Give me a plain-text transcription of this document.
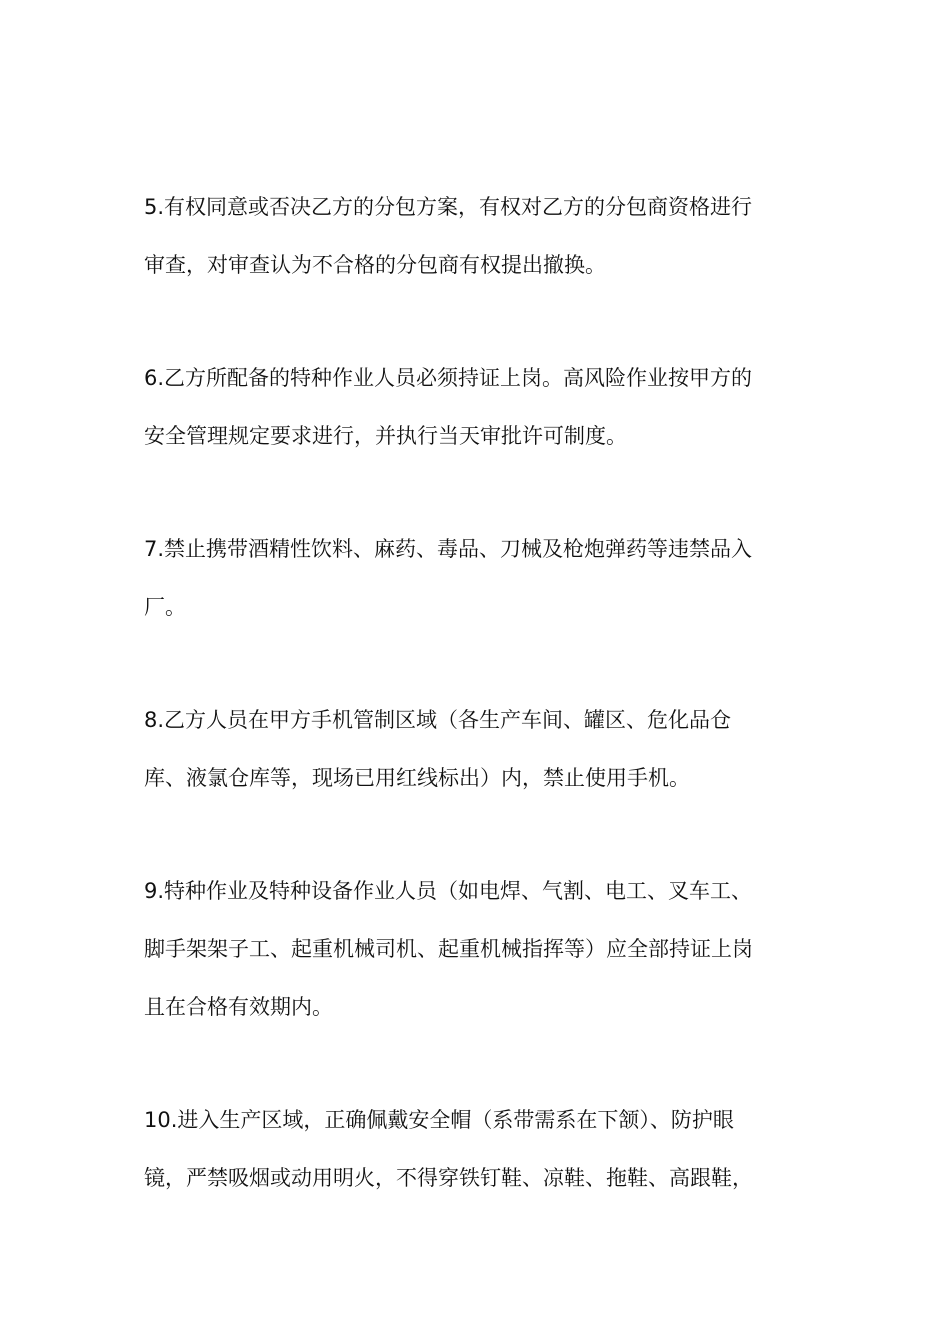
5.有权同意或否决乙方的分包方案，有权对乙方的分包商资格进行
审查，对审查认为不合格的分包商有权提出撤换。

6.乙方所配备的特种作业人员必须持证上岗。高风险作业按甲方的
安全管理规定要求进行，并执行当天审批许可制度。

7.禁止携带酒精性饮料、麻药、毒品、刀械及枪炮弹药等违禁品入
厂。

8.乙方人员在甲方手机管制区域（各生产车间、罐区、危化品仓
库、液氯仓库等，现场已用红线标出）内，禁止使用手机。

9.特种作业及特种设备作业人员（如电焊、气割、电工、叉车工、
脚手架架子工、起重机械司机、起重机械指挥等）应全部持证上岗
且在合格有效期内。

10.进入生产区域，正确佩戴安全帽（系带需系在下颔）、防护眼
镜，严禁吸烟或动用明火，不得穿铁钉鞋、凉鞋、拖鞋、高跟鞋，
